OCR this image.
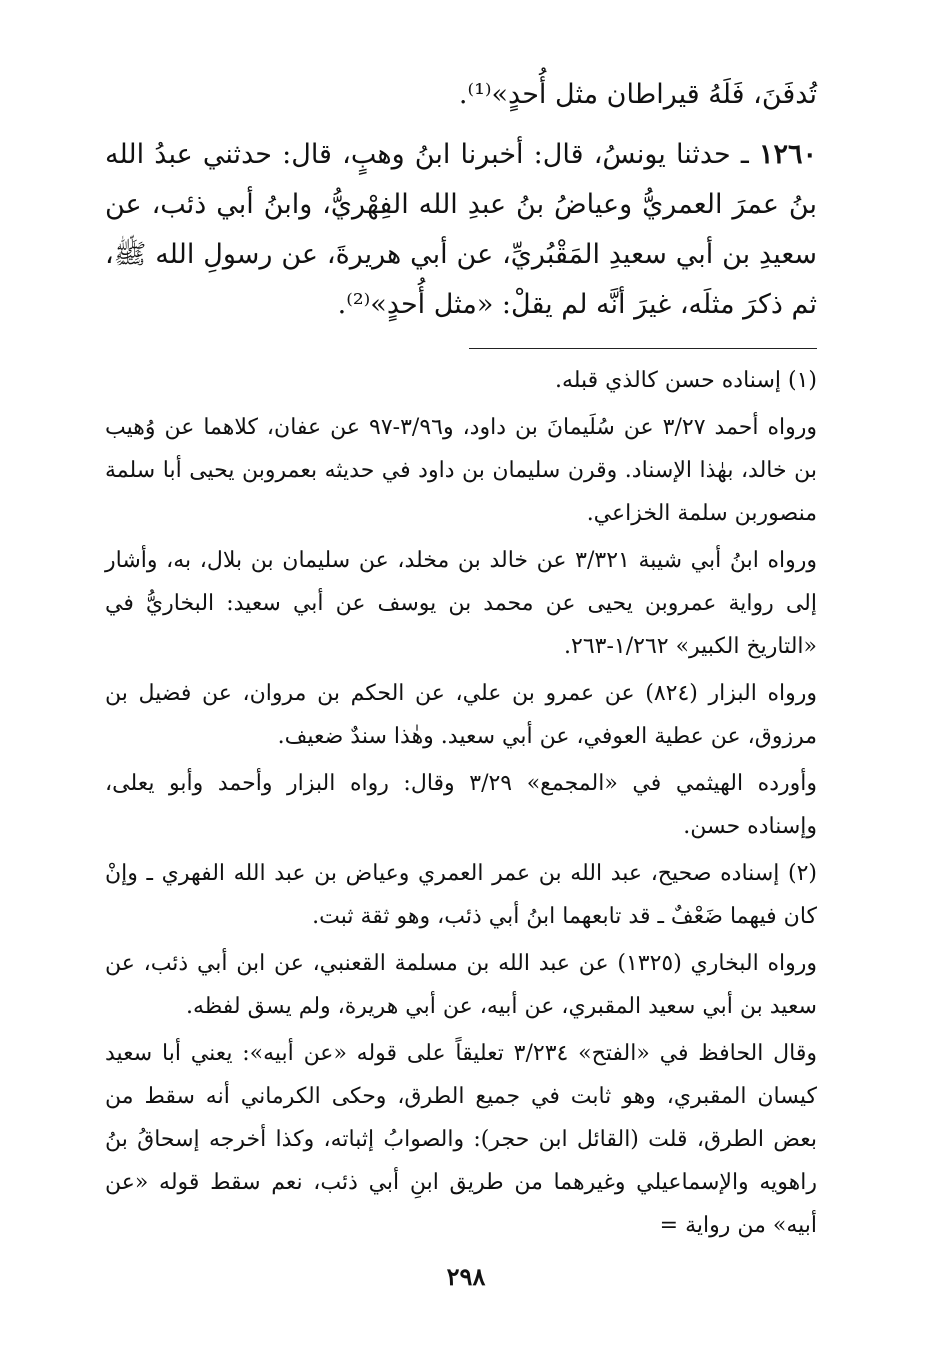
تُدفَنَ، فَلَهُ قيراطان مثل أُحدٍ»⁽¹⁾.

١٢٦٠ ـ حدثنا يونسُ، قال: أخبرنا ابنُ وهبٍ، قال: حدثني عبدُ الله بنُ عمرَ العمريُّ وعياضُ بنُ عبدِ الله الفِهْريُّ، وابنُ أبي ذئب، عن سعيدِ بن أبي سعيدِ المَقْبُريِّ، عن أبي هريرةَ، عن رسولِ الله ﷺ، ثم ذكرَ مثلَه، غيرَ أنَّه لم يقلْ: «مثل أُحدٍ»⁽²⁾.

(١) إسناده حسن كالذي قبله.

ورواه أحمد ٣/٢٧ عن سُلَيمانَ بن داود، و٣/٩٦-٩٧ عن عفان، كلاهما عن وُهيب بن خالد، بهٰذا الإسناد. وقرن سليمان بن داود في حديثه بعمروبن يحيى أبا سلمة منصوربن سلمة الخزاعي.

ورواه ابنُ أبي شيبة ٣/٣٢١ عن خالد بن مخلد، عن سليمان بن بلال، به، وأشار إلى رواية عمروبن يحيى عن محمد بن يوسف عن أبي سعيد: البخاريُّ في «التاريخ الكبير» ١/٢٦٢-٢٦٣.

ورواه البزار (٨٢٤) عن عمرو بن علي، عن الحكم بن مروان، عن فضيل بن مرزوق، عن عطية العوفي، عن أبي سعيد. وهٰذا سندٌ ضعيف.

وأورده الهيثمي في «المجمع» ٣/٢٩ وقال: رواه البزار وأحمد وأبو يعلى، وإسناده حسن.

(٢) إسناده صحيح، عبد الله بن عمر العمري وعياض بن عبد الله الفهري ـ وإنْ كان فيهما ضَعْفٌ ـ قد تابعهما ابنُ أبي ذئب، وهو ثقة ثبت.

ورواه البخاري (١٣٢٥) عن عبد الله بن مسلمة القعنبي، عن ابن أبي ذئب، عن سعيد بن أبي سعيد المقبري، عن أبيه، عن أبي هريرة، ولم يسق لفظه.

وقال الحافظ في «الفتح» ٣/٢٣٤ تعليقاً على قوله «عن أبيه»: يعني أبا سعيد كيسان المقبري، وهو ثابت في جميع الطرق، وحكى الكرماني أنه سقط من بعض الطرق، قلت (القائل ابن حجر): والصوابُ إثباته، وكذا أخرجه إسحاقُ بنُ راهويه والإسماعيلي وغيرهما من طريق ابنِ أبي ذئب، نعم سقط قوله «عن أبيه» من رواية =

٢٩٨
